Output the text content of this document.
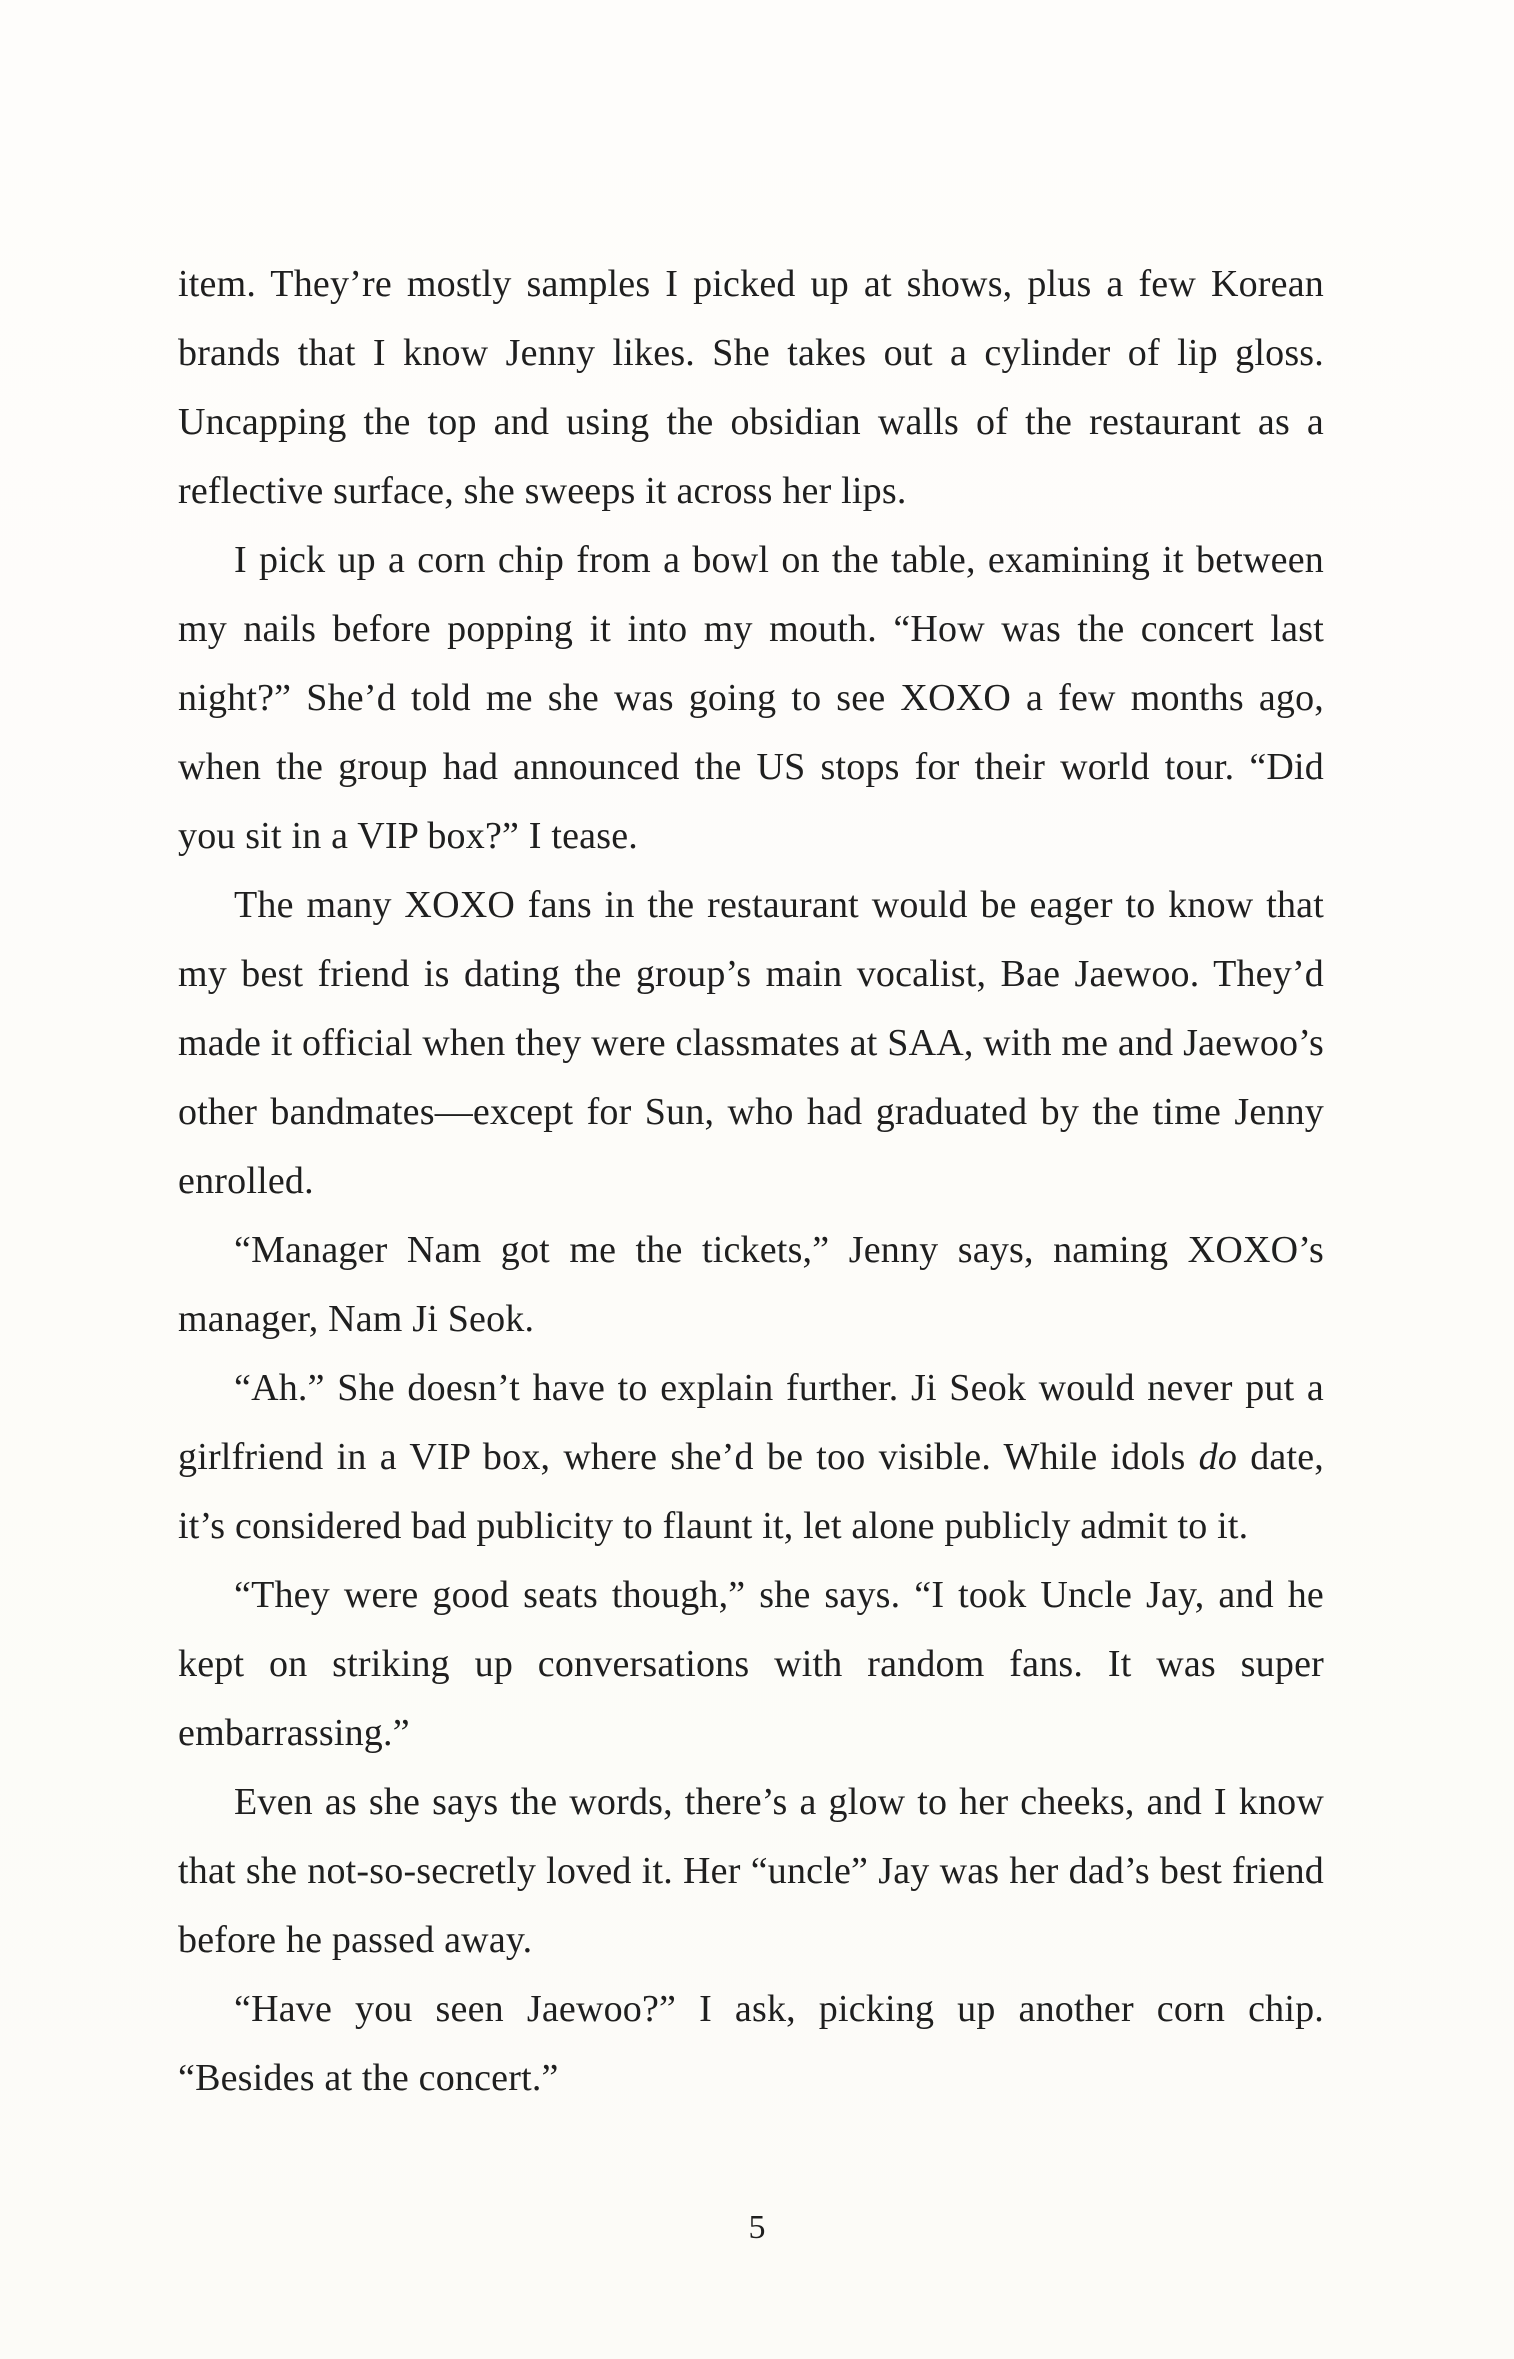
item. They’re mostly samples I picked up at shows, plus a few Korean brands that I know Jenny likes. She takes out a cylinder of lip gloss. Uncapping the top and using the obsidian walls of the restaurant as a reflective surface, she sweeps it across her lips.

I pick up a corn chip from a bowl on the table, examining it between my nails before popping it into my mouth. “How was the concert last night?” She’d told me she was going to see XOXO a few months ago, when the group had announced the US stops for their world tour. “Did you sit in a VIP box?” I tease.

The many XOXO fans in the restaurant would be eager to know that my best friend is dating the group’s main vocalist, Bae Jaewoo. They’d made it official when they were classmates at SAA, with me and Jaewoo’s other bandmates—except for Sun, who had graduated by the time Jenny enrolled.

“Manager Nam got me the tickets,” Jenny says, naming XOXO’s manager, Nam Ji Seok.

“Ah.” She doesn’t have to explain further. Ji Seok would never put a girlfriend in a VIP box, where she’d be too visible. While idols do date, it’s considered bad publicity to flaunt it, let alone publicly admit to it.

“They were good seats though,” she says. “I took Uncle Jay, and he kept on striking up conversations with random fans. It was super embarrassing.”

Even as she says the words, there’s a glow to her cheeks, and I know that she not-so-secretly loved it. Her “uncle” Jay was her dad’s best friend before he passed away.

“Have you seen Jaewoo?” I ask, picking up another corn chip. “Besides at the concert.”

5
